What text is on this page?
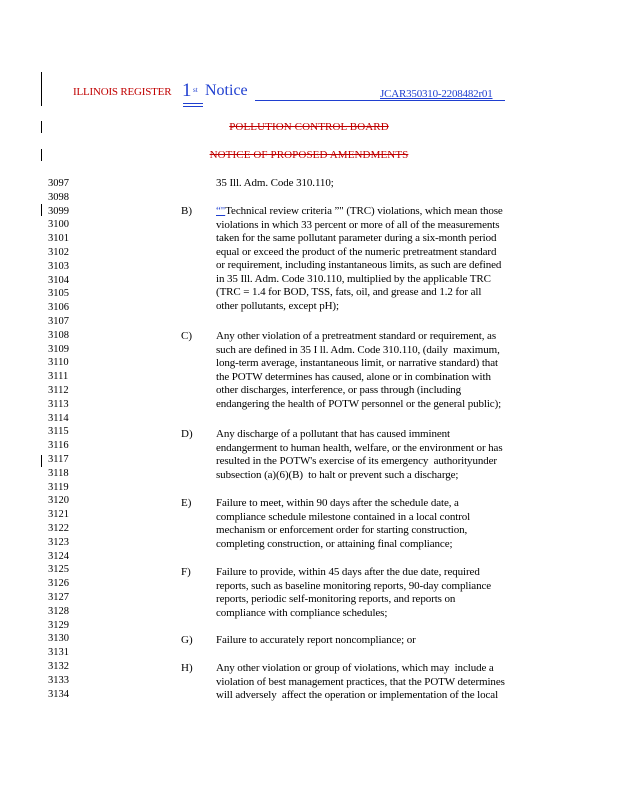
ILLINOIS REGISTER 1 st Notice	JCAR350310-2208482r01
POLLUTION CONTROL BOARD
NOTICE OF PROPOSED AMENDMENTS
3097
3098
3099
3100
3101
3102
3103
3104
3105
3106
3107
3108
3109
3110
3111
3112
3113
3114
3115
3116
3117
3118
3119
3120
3121
3122
3123
3124
3125
3126
3127
3128
3129
3130
3131
3132
3133
3134
35 Ill. Adm. Code 310.110;
B) “"Technical review criteria ”" (TRC) violations, which mean those
violations in which 33 percent or more of all of the measurements
taken for the same pollutant parameter during a six-month period
equal or exceed the product of the numeric pretreatment standard
or requirement, including instantaneous limits, as such are defined
in 35 Ill. Adm. Code 310.110, multiplied by the applicable TRC
(TRC = 1.4 for BOD, TSS, fats, oil, and grease and 1.2 for all
other pollutants, except pH);
C) Any other violation of a pretreatment standard or requirement, as
such are defined in 35 I ll. Adm. Code 310.110, (daily  maximum,
long-term average, instantaneous limit, or narrative standard) that
the POTW determines has caused, alone or in combination with
other discharges, interference, or pass through (including
endangering the health of POTW personnel or the general public);
D) Any discharge of a pollutant that has caused imminent
endangerment to human health, welfare, or the environment or has
resulted in the POTW's exercise of its emergency  authorityunder
subsection (a)(6)(B)  to halt or prevent such a discharge;
E) Failure to meet, within 90 days after the schedule date, a
compliance schedule milestone contained in a local control
mechanism or enforcement order for starting construction,
completing construction, or attaining final compliance;
F) Failure to provide, within 45 days after the due date, required
reports, such as baseline monitoring reports, 90-day compliance
reports, periodic self-monitoring reports, and reports on
compliance with compliance schedules;
G) Failure to accurately report noncompliance; or
H) Any other violation or group of violations, which may  include a
violation of best management practices, that the POTW determines
will adversely  affect the operation or implementation of the local
